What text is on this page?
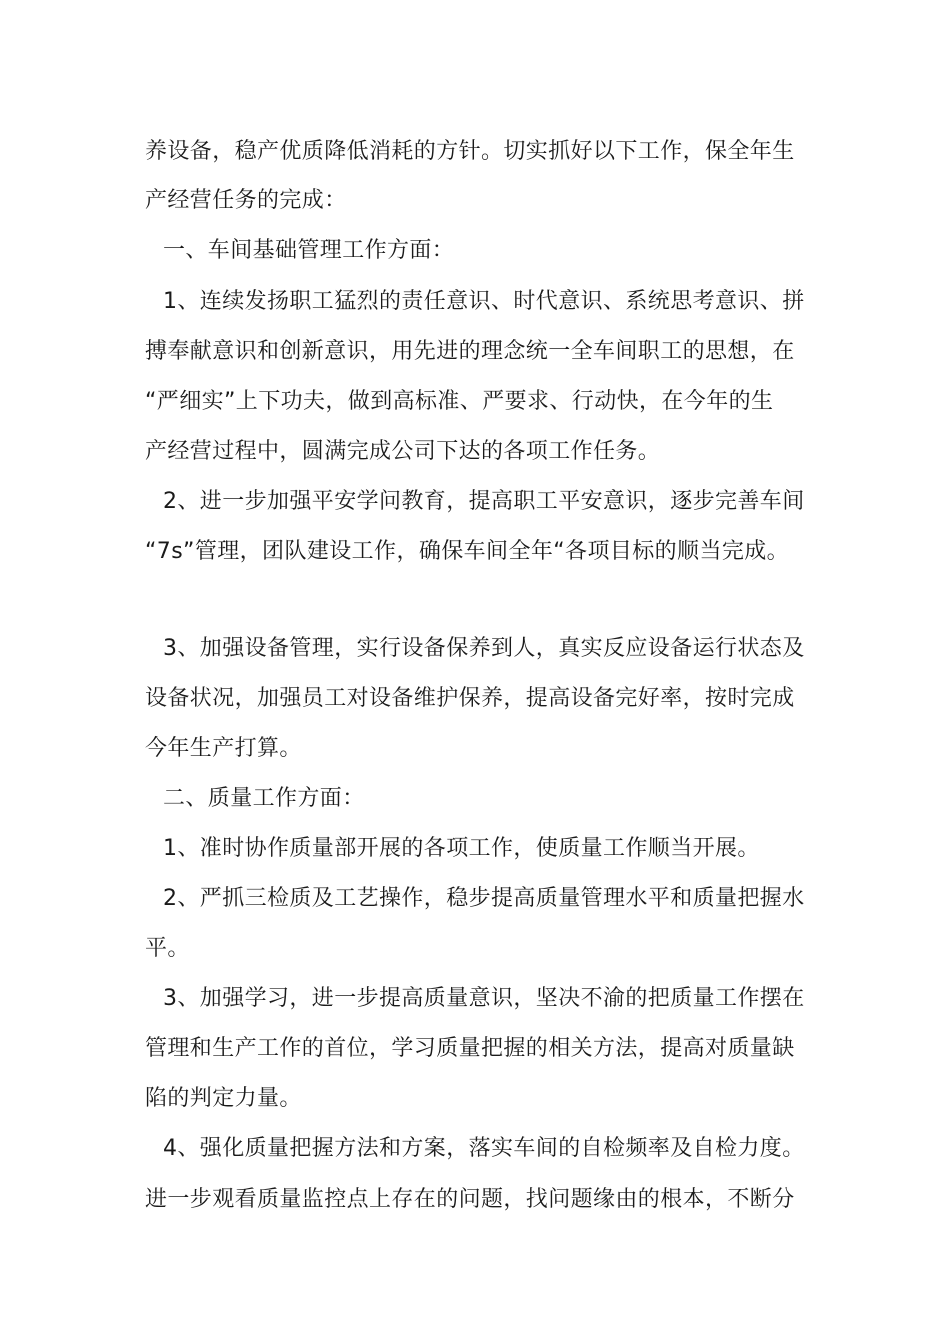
养设备，稳产优质降低消耗的方针。切实抓好以下工作，保全年生
产经营任务的完成：
一、车间基础管理工作方面：
1、连续发扬职工猛烈的责任意识、时代意识、系统思考意识、拼
搏奉献意识和创新意识，用先进的理念统一全车间职工的思想，在
“严细实”上下功夫，做到高标准、严要求、行动快，在今年的生
产经营过程中，圆满完成公司下达的各项工作任务。
2、进一步加强平安学问教育，提高职工平安意识，逐步完善车间
“7s”管理，团队建设工作，确保车间全年“各项目标的顺当完成。
3、加强设备管理，实行设备保养到人，真实反应设备运行状态及
设备状况，加强员工对设备维护保养，提高设备完好率，按时完成
今年生产打算。
二、质量工作方面：
1、准时协作质量部开展的各项工作，使质量工作顺当开展。
2、严抓三检质及工艺操作，稳步提高质量管理水平和质量把握水
平。
3、加强学习，进一步提高质量意识，坚决不渝的把质量工作摆在
管理和生产工作的首位，学习质量把握的相关方法，提高对质量缺
陷的判定力量。
4、强化质量把握方法和方案，落实车间的自检频率及自检力度。
进一步观看质量监控点上存在的问题，找问题缘由的根本，不断分
